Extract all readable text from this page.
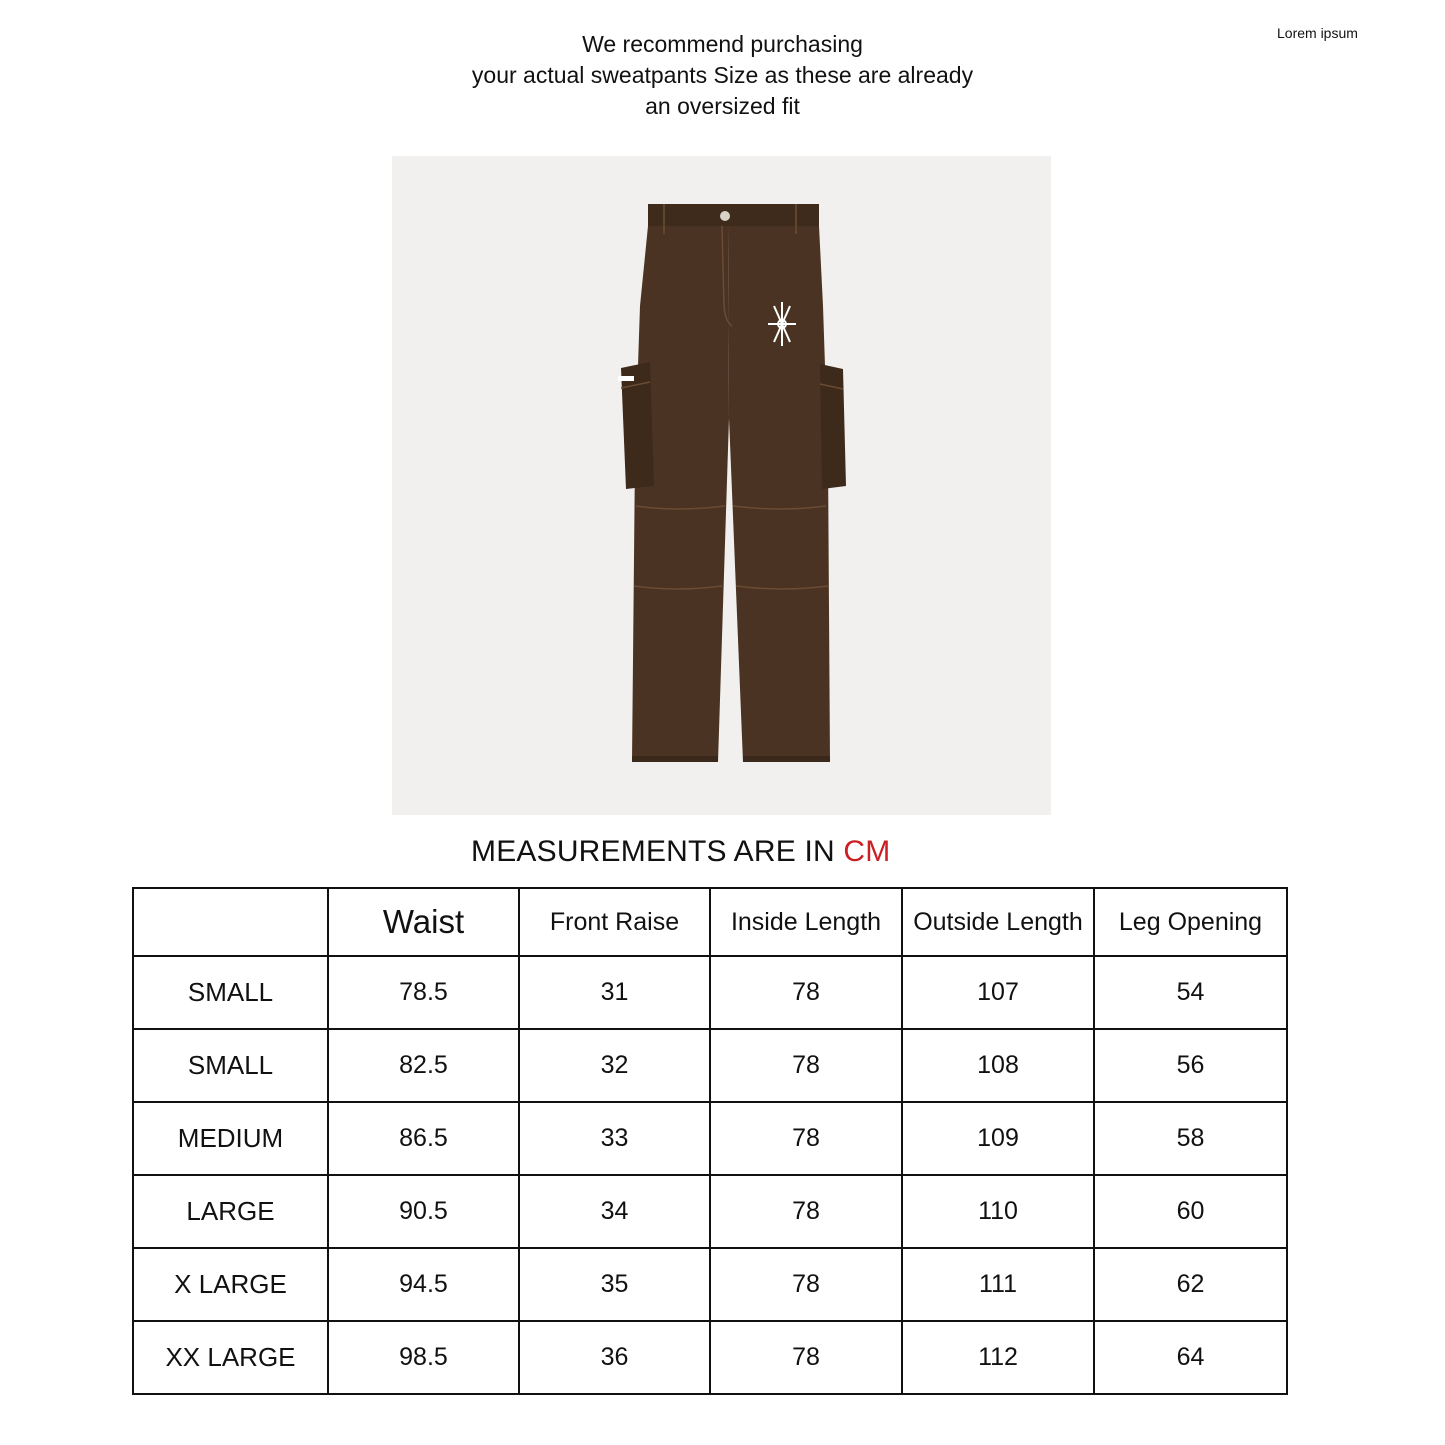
Lorem ipsum
We recommend purchasing
your actual sweatpants Size as these are already
an oversized fit
MEASUREMENTS ARE IN CM
	Waist	Front Raise	Inside Length	Outside Length	Leg Opening
SMALL	78.5	31	78	107	54
SMALL	82.5	32	78	108	56
MEDIUM	86.5	33	78	109	58
LARGE	90.5	34	78	110	60
X LARGE	94.5	35	78	111	62
XX LARGE	98.5	36	78	112	64
